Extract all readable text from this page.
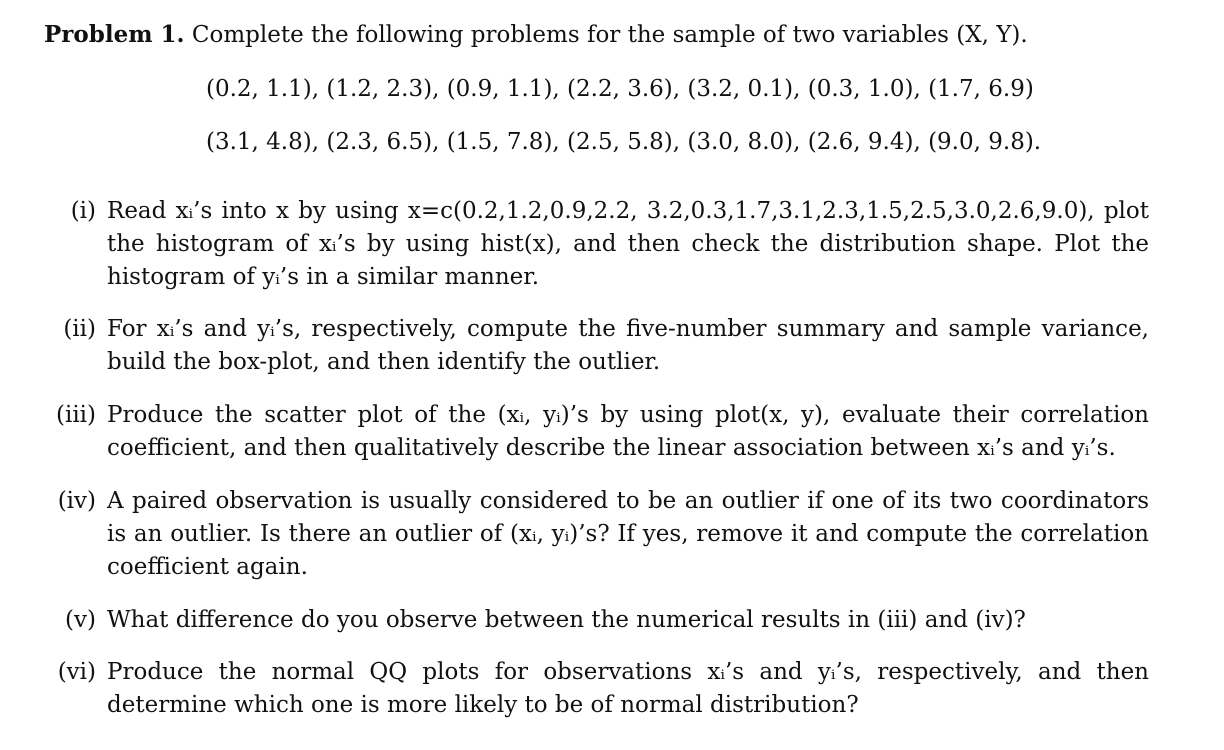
Problem 1. Complete the following problems for the sample of two variables (X, Y).
(0.2, 1.1), (1.2, 2.3), (0.9, 1.1), (2.2, 3.6), (3.2, 0.1), (0.3, 1.0), (1.7, 6.9)
(3.1, 4.8), (2.3, 6.5), (1.5, 7.8), (2.5, 5.8), (3.0, 8.0), (2.6, 9.4), (9.0, 9.8).
(i) Read xᵢ’s into x by using x=c(0.2,1.2,0.9,2.2, 3.2,0.3,1.7,3.1,2.3,1.5,2.5,3.0,2.6,9.0), plot the histogram of xᵢ’s by using hist(x), and then check the distribution shape. Plot the histogram of yᵢ’s in a similar manner.
(ii) For xᵢ’s and yᵢ’s, respectively, compute the five-number summary and sample variance, build the box-plot, and then identify the outlier.
(iii) Produce the scatter plot of the (xᵢ, yᵢ)’s by using plot(x, y), evaluate their correlation coefficient, and then qualitatively describe the linear association between xᵢ’s and yᵢ’s.
(iv) A paired observation is usually considered to be an outlier if one of its two coordinators is an outlier. Is there an outlier of (xᵢ, yᵢ)’s? If yes, remove it and compute the correlation coefficient again.
(v) What difference do you observe between the numerical results in (iii) and (iv)?
(vi) Produce the normal QQ plots for observations xᵢ’s and yᵢ’s, respectively, and then determine which one is more likely to be of normal distribution?
